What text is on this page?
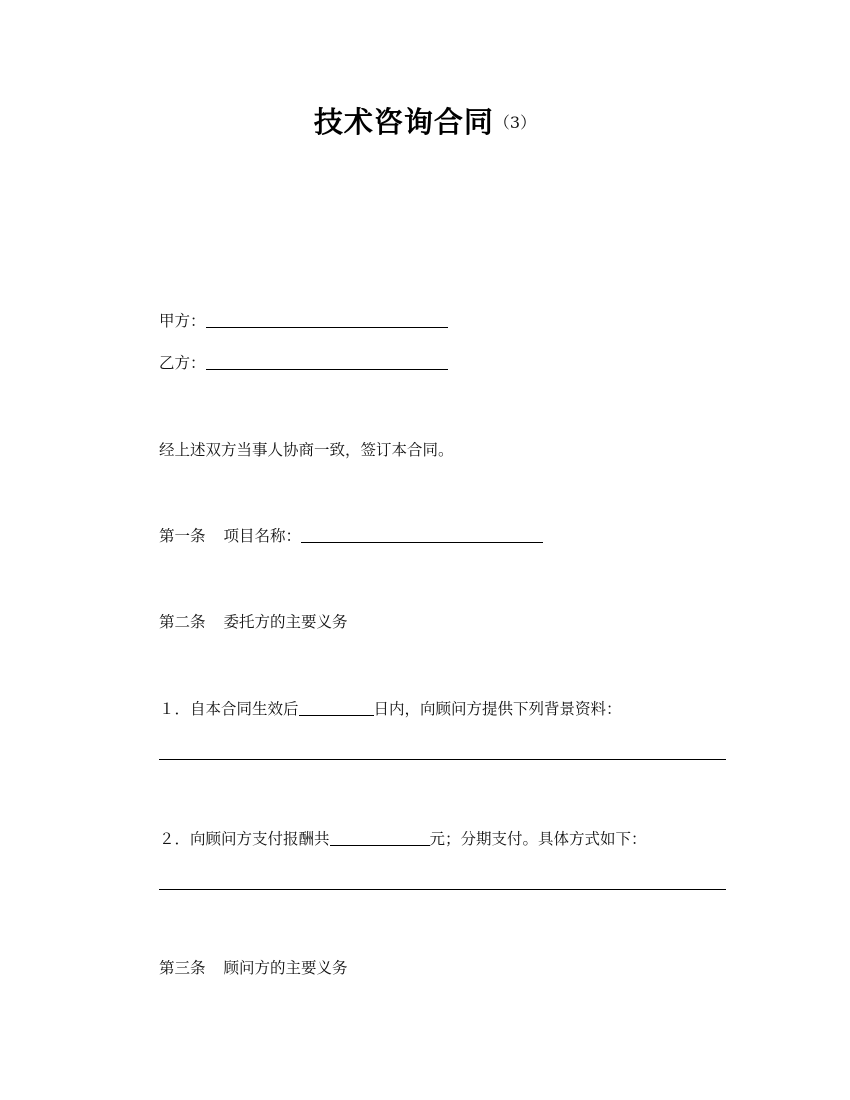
技术咨询合同（3）
甲方：
乙方：
经上述双方当事人协商一致，签订本合同。
第一条 项目名称：
第二条 委托方的主要义务
１．自本合同生效后	日内，向顾问方提供下列背景资料：
２．向顾问方支付报酬共	元；分期支付。具体方式如下：
第三条 顾问方的主要义务
